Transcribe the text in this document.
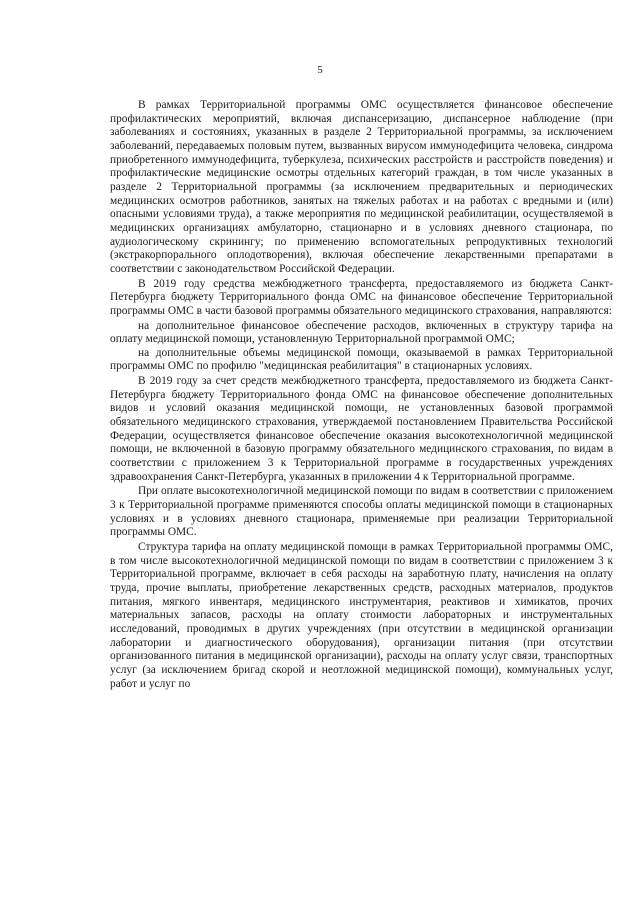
5

В рамках Территориальной программы ОМС осуществляется финансовое обеспечение профилактических мероприятий, включая диспансеризацию, диспансерное наблюдение (при заболеваниях и состояниях, указанных в разделе 2 Территориальной программы, за исключением заболеваний, передаваемых половым путем, вызванных вирусом иммунодефицита человека, синдрома приобретенного иммунодефицита, туберкулеза, психических расстройств и расстройств поведения) и профилактические медицинские осмотры отдельных категорий граждан, в том числе указанных в разделе 2 Территориальной программы (за исключением предварительных и периодических медицинских осмотров работников, занятых на тяжелых работах и на работах с вредными и (или) опасными условиями труда), а также мероприятия по медицинской реабилитации, осуществляемой в медицинских организациях амбулаторно, стационарно и в условиях дневного стационара, по аудиологическому скринингу; по применению вспомогательных репродуктивных технологий (экстракорпорального оплодотворения), включая обеспечение лекарственными препаратами в соответствии с законодательством Российской Федерации.

В 2019 году средства межбюджетного трансферта, предоставляемого из бюджета Санкт-Петербурга бюджету Территориального фонда ОМС на финансовое обеспечение Территориальной программы ОМС в части базовой программы обязательного медицинского страхования, направляются:

на дополнительное финансовое обеспечение расходов, включенных в структуру тарифа на оплату медицинской помощи, установленную Территориальной программой ОМС;

на дополнительные объемы медицинской помощи, оказываемой в рамках Территориальной программы ОМС по профилю "медицинская реабилитация" в стационарных условиях.

В 2019 году за счет средств межбюджетного трансферта, предоставляемого из бюджета Санкт-Петербурга бюджету Территориального фонда ОМС на финансовое обеспечение дополнительных видов и условий оказания медицинской помощи, не установленных базовой программой обязательного медицинского страхования, утверждаемой постановлением Правительства Российской Федерации, осуществляется финансовое обеспечение оказания высокотехнологичной медицинской помощи, не включенной в базовую программу обязательного медицинского страхования, по видам в соответствии с приложением 3 к Территориальной программе в государственных учреждениях здравоохранения Санкт-Петербурга, указанных в приложении 4 к Территориальной программе.

При оплате высокотехнологичной медицинской помощи по видам в соответствии с приложением 3 к Территориальной программе применяются способы оплаты медицинской помощи в стационарных условиях и в условиях дневного стационара, применяемые при реализации Территориальной программы ОМС.

Структура тарифа на оплату медицинской помощи в рамках Территориальной программы ОМС, в том числе высокотехнологичной медицинской помощи по видам в соответствии с приложением 3 к Территориальной программе, включает в себя расходы на заработную плату, начисления на оплату труда, прочие выплаты, приобретение лекарственных средств, расходных материалов, продуктов питания, мягкого инвентаря, медицинского инструментария, реактивов и химикатов, прочих материальных запасов, расходы на оплату стоимости лабораторных и инструментальных исследований, проводимых в других учреждениях (при отсутствии в медицинской организации лаборатории и диагностического оборудования), организации питания (при отсутствии организованного питания в медицинской организации), расходы на оплату услуг связи, транспортных услуг (за исключением бригад скорой и неотложной медицинской помощи), коммунальных услуг, работ и услуг по
